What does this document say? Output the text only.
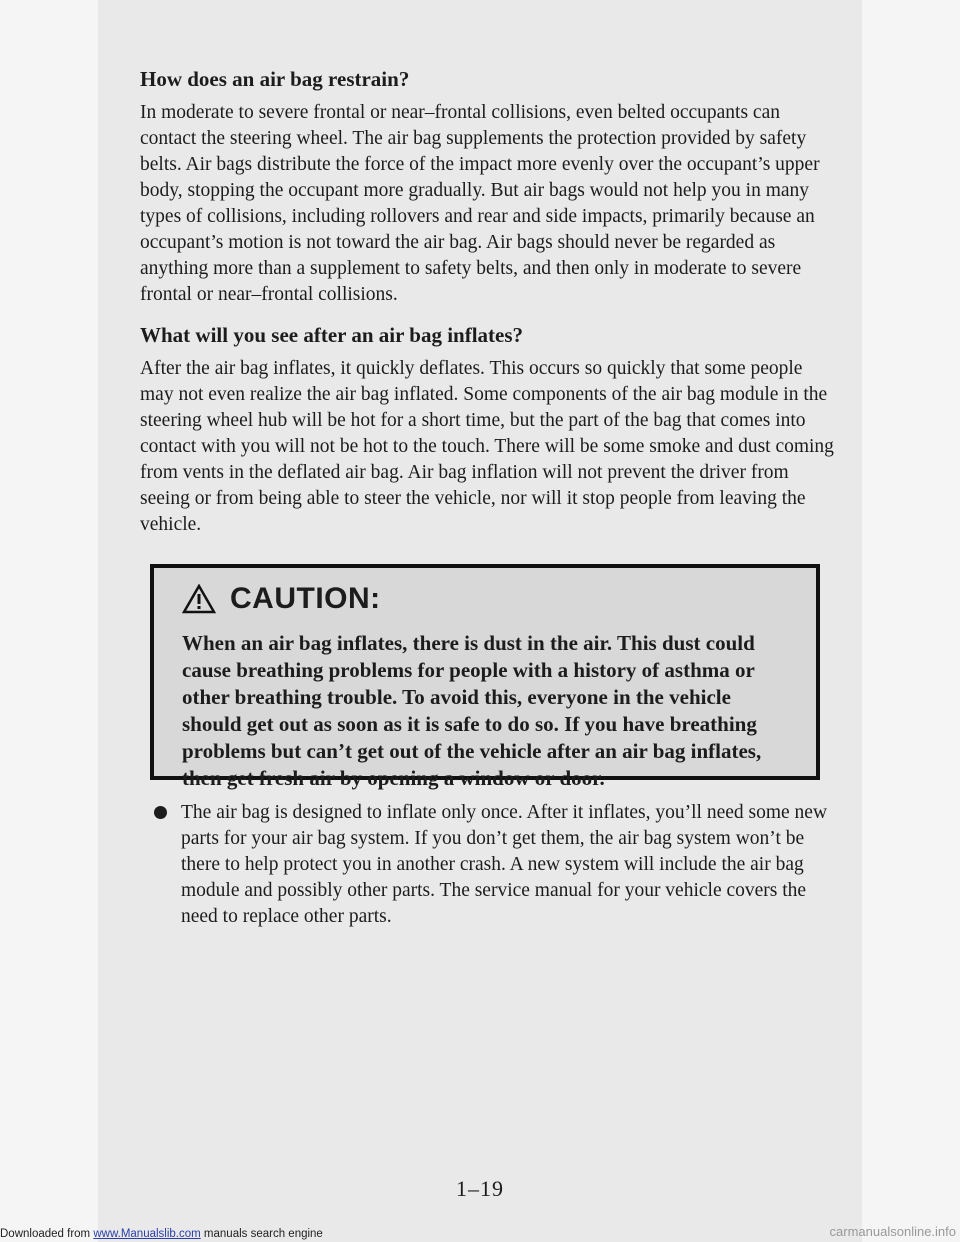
How does an air bag restrain?

In moderate to severe frontal or near–frontal collisions, even belted occupants can contact the steering wheel. The air bag supplements the protection provided by safety belts. Air bags distribute the force of the impact more evenly over the occupant’s upper body, stopping the occupant more gradually. But air bags would not help you in many types of collisions, including rollovers and rear and side impacts, primarily because an occupant’s motion is not toward the air bag. Air bags should never be regarded as anything more than a supplement to safety belts, and then only in moderate to severe frontal or near–frontal collisions.

What will you see after an air bag inflates?

After the air bag inflates, it quickly deflates. This occurs so quickly that some people may not even realize the air bag inflated. Some components of the air bag module in the steering wheel hub will be hot for a short time, but the part of the bag that comes into contact with you will not be hot to the touch. There will be some smoke and dust coming from vents in the deflated air bag. Air bag inflation will not prevent the driver from seeing or from being able to steer the vehicle, nor will it stop people from leaving the vehicle.

CAUTION:

When an air bag inflates, there is dust in the air. This dust could cause breathing problems for people with a history of asthma or other breathing trouble. To avoid this, everyone in the vehicle should get out as soon as it is safe to do so. If you have breathing problems but can’t get out of the vehicle after an air bag inflates, then get fresh air by opening a window or door.

The air bag is designed to inflate only once. After it inflates, you’ll need some new parts for your air bag system. If you don’t get them, the air bag system won’t be there to help protect you in another crash. A new system will include the air bag module and possibly other parts. The service manual for your vehicle covers the need to replace other parts.

1–19
Downloaded from www.Manualslib.com manuals search engine	carmanualsonline.info
